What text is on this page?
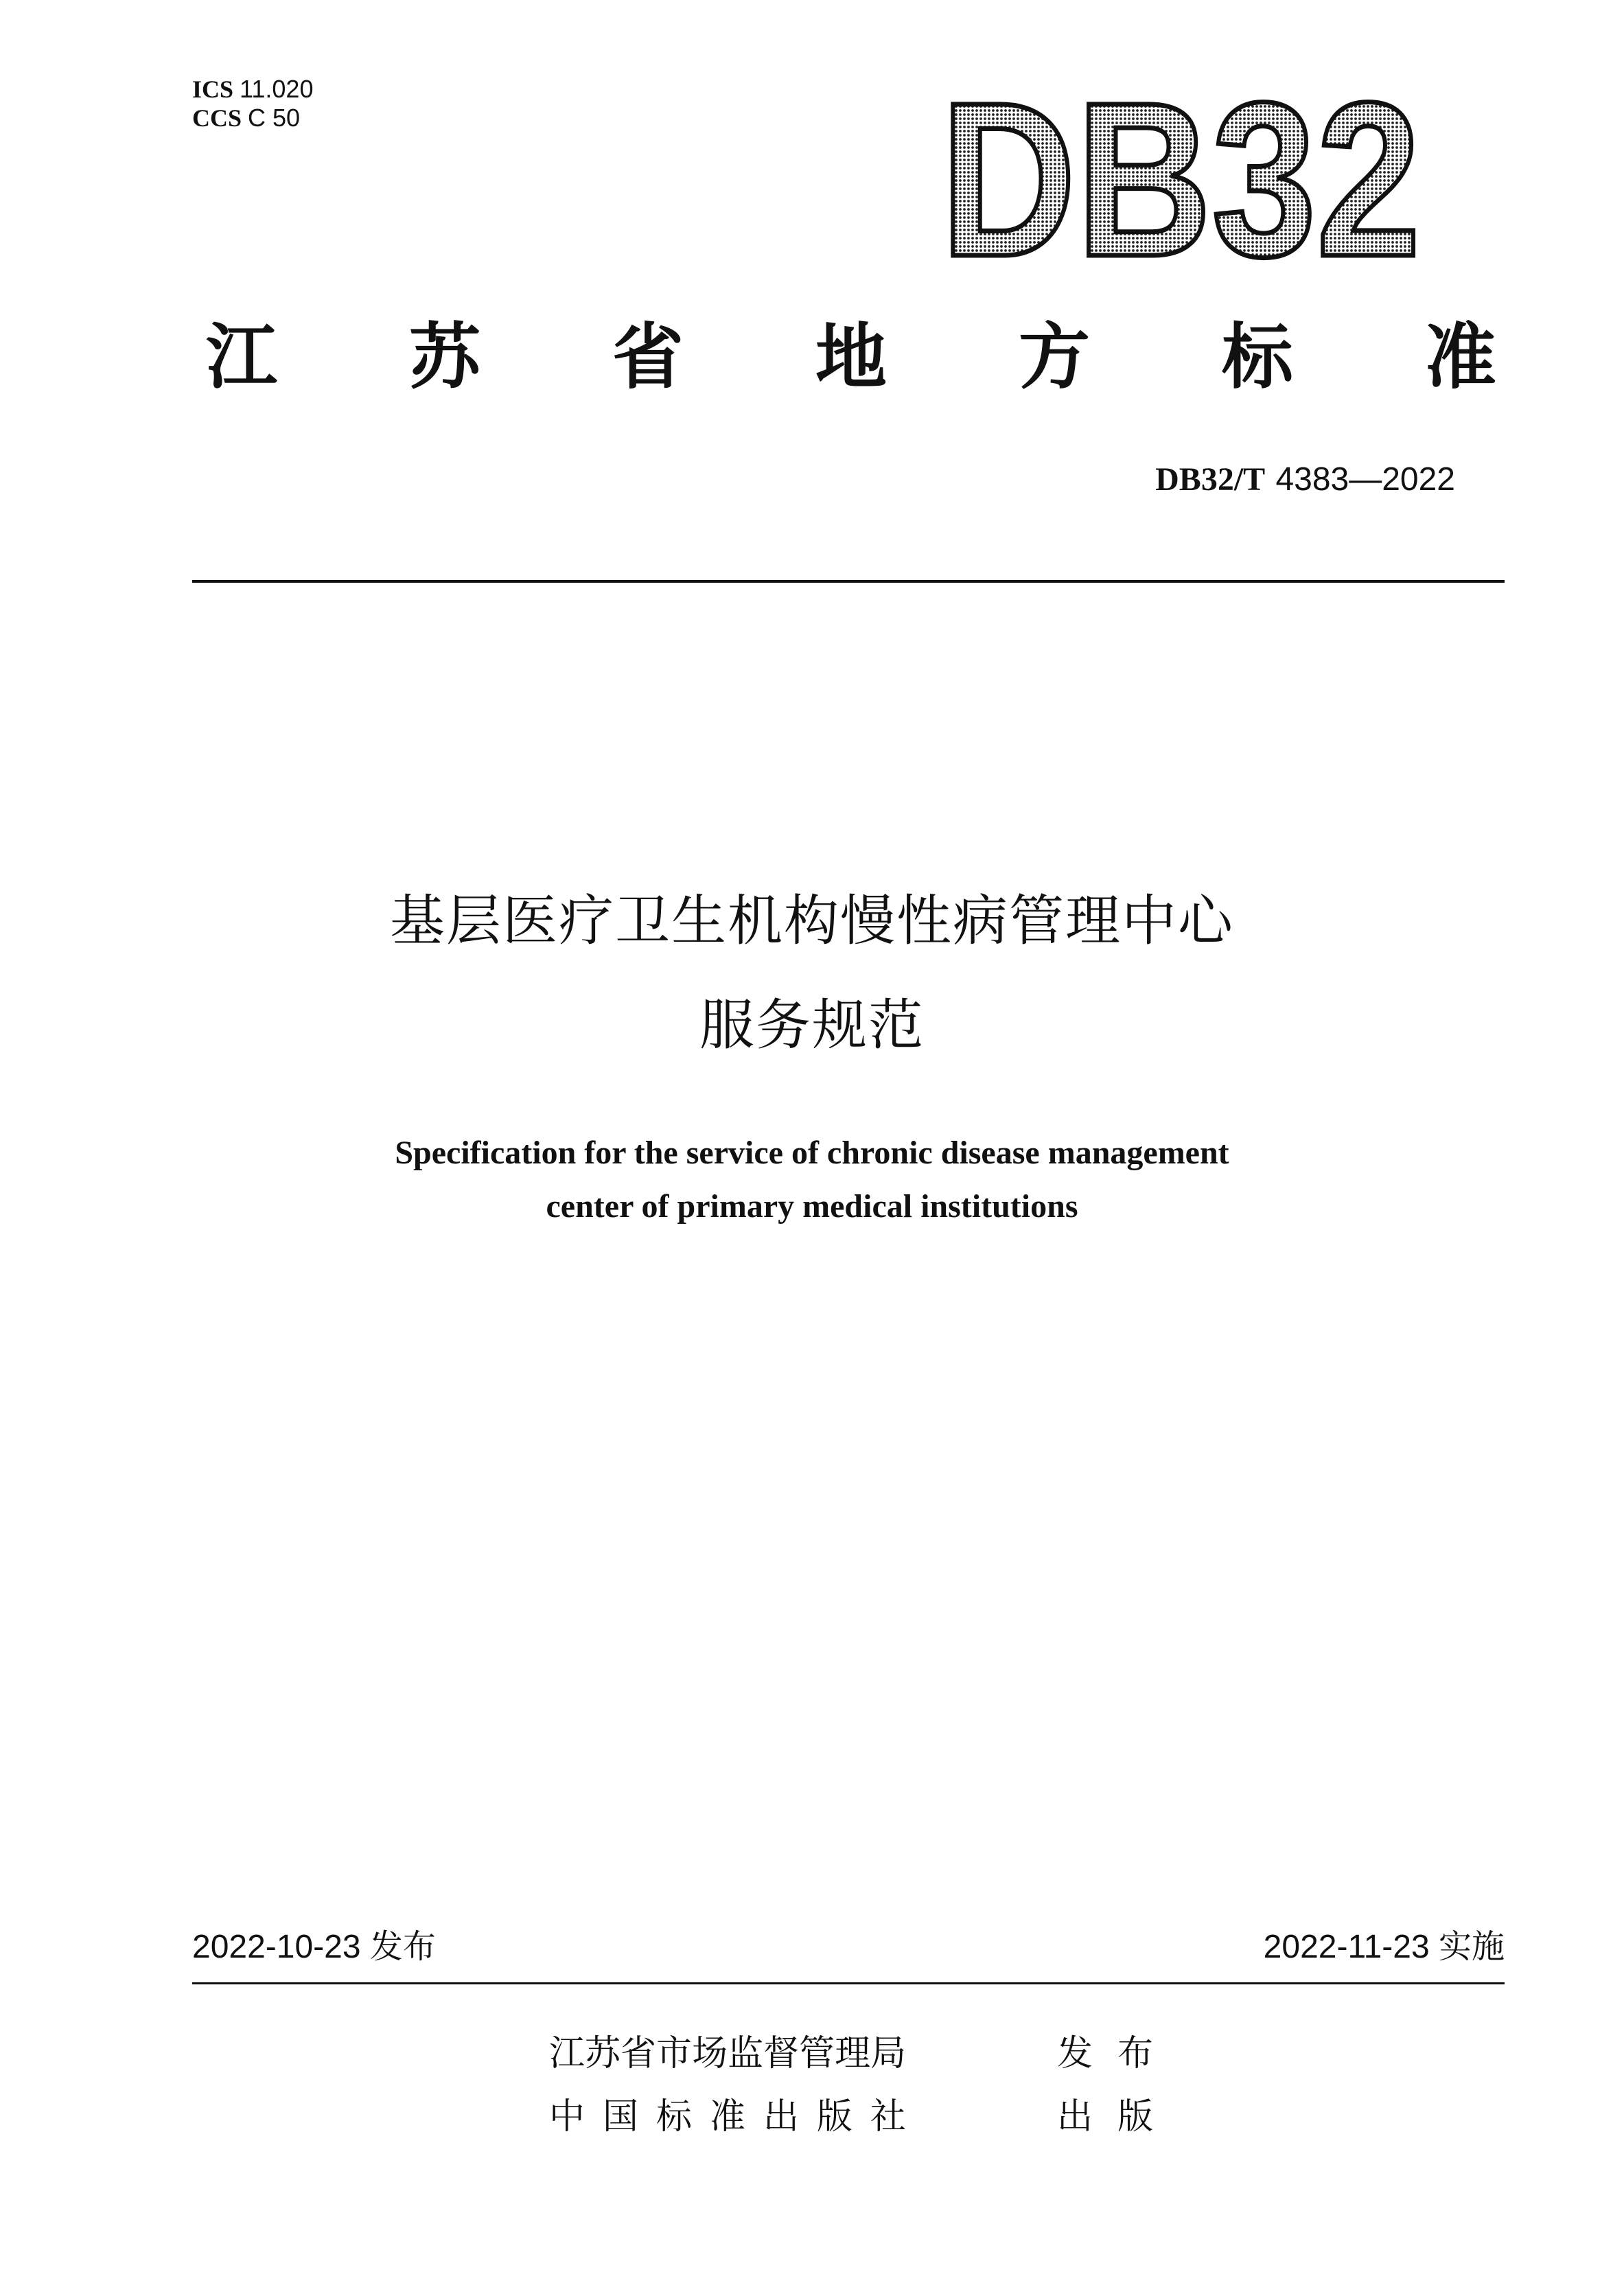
ICS 11.020
CCS C 50	DB32
江 苏 省 地 方 标 准
DB32/T 4383—2022
基层医疗卫生机构慢性病管理中心
服务规范
Specification for the service of chronic disease management
center of primary medical institutions
2022-10-23 发布	2022-11-23 实施
江 苏 省 市 场 监 督 管 理 局	发 布
中 国 标 准 出 版 社	出 版
